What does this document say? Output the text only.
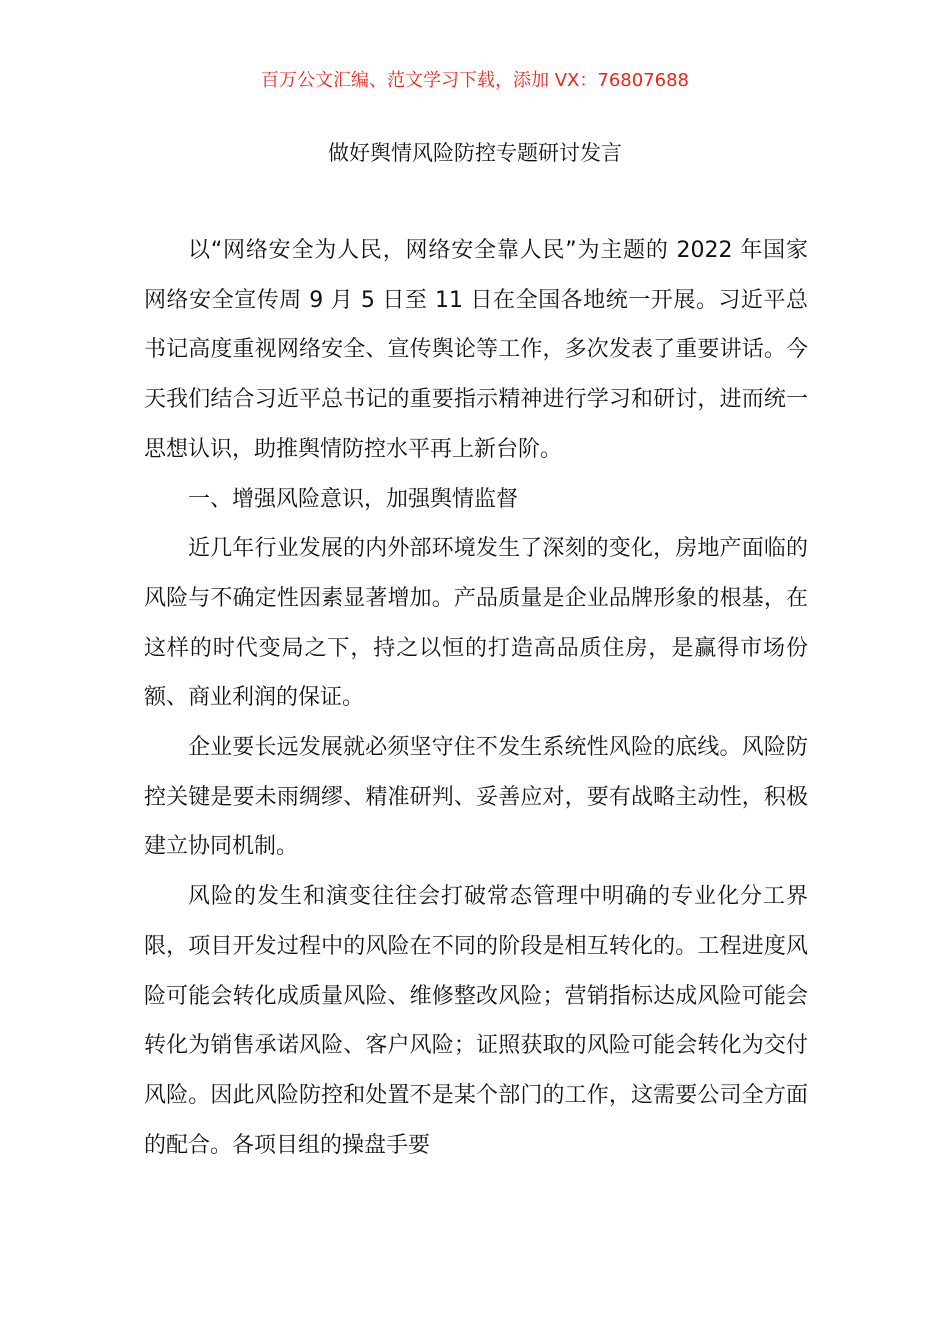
百万公文汇编、范文学习下载，添加 VX：76807688
做好舆情风险防控专题研讨发言

以“网络安全为人民，网络安全靠人民”为主题的 2022 年国家网络安全宣传周 9 月 5 日至 11 日在全国各地统一开展。习近平总书记高度重视网络安全、宣传舆论等工作，多次发表了重要讲话。今天我们结合习近平总书记的重要指示精神进行学习和研讨，进而统一思想认识，助推舆情防控水平再上新台阶。

一、增强风险意识，加强舆情监督

近几年行业发展的内外部环境发生了深刻的变化，房地产面临的风险与不确定性因素显著增加。产品质量是企业品牌形象的根基，在这样的时代变局之下，持之以恒的打造高品质住房，是赢得市场份额、商业利润的保证。

企业要长远发展就必须坚守住不发生系统性风险的底线。风险防控关键是要未雨绸缪、精准研判、妥善应对，要有战略主动性，积极建立协同机制。

风险的发生和演变往往会打破常态管理中明确的专业化分工界限，项目开发过程中的风险在不同的阶段是相互转化的。工程进度风险可能会转化成质量风险、维修整改风险；营销指标达成风险可能会转化为销售承诺风险、客户风险；证照获取的风险可能会转化为交付风险。因此风险防控和处置不是某个部门的工作，这需要公司全方面的配合。各项目组的操盘手要
